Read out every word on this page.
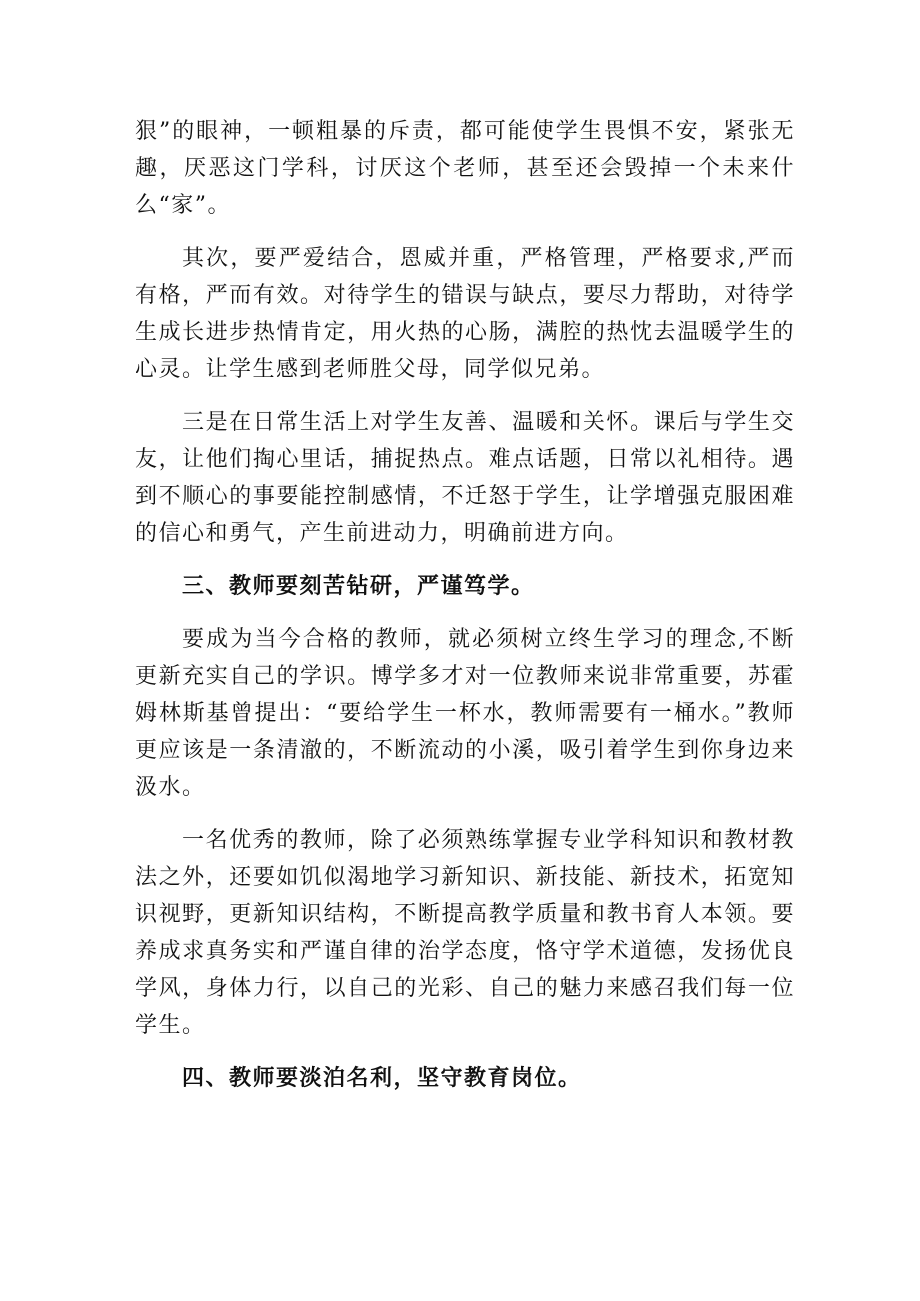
狠”的眼神，一顿粗暴的斥责，都可能使学生畏惧不安，紧张无趣，厌恶这门学科，讨厌这个老师，甚至还会毁掉一个未来什么“家”。

其次，要严爱结合，恩威并重，严格管理，严格要求,严而有格，严而有效。对待学生的错误与缺点，要尽力帮助，对待学生成长进步热情肯定，用火热的心肠，满腔的热忱去温暖学生的心灵。让学生感到老师胜父母，同学似兄弟。

三是在日常生活上对学生友善、温暖和关怀。课后与学生交友，让他们掏心里话，捕捉热点。难点话题，日常以礼相待。遇到不顺心的事要能控制感情，不迁怒于学生，让学增强克服困难的信心和勇气，产生前进动力，明确前进方向。

三、教师要刻苦钻研，严谨笃学。

要成为当今合格的教师，就必须树立终生学习的理念,不断更新充实自己的学识。博学多才对一位教师来说非常重要，苏霍姆林斯基曾提出：“要给学生一杯水，教师需要有一桶水。”教师更应该是一条清澈的，不断流动的小溪，吸引着学生到你身边来汲水。

一名优秀的教师，除了必须熟练掌握专业学科知识和教材教法之外，还要如饥似渴地学习新知识、新技能、新技术，拓宽知识视野，更新知识结构，不断提高教学质量和教书育人本领。要养成求真务实和严谨自律的治学态度，恪守学术道德，发扬优良学风，身体力行，以自己的光彩、自己的魅力来感召我们每一位学生。

四、教师要淡泊名利，坚守教育岗位。
